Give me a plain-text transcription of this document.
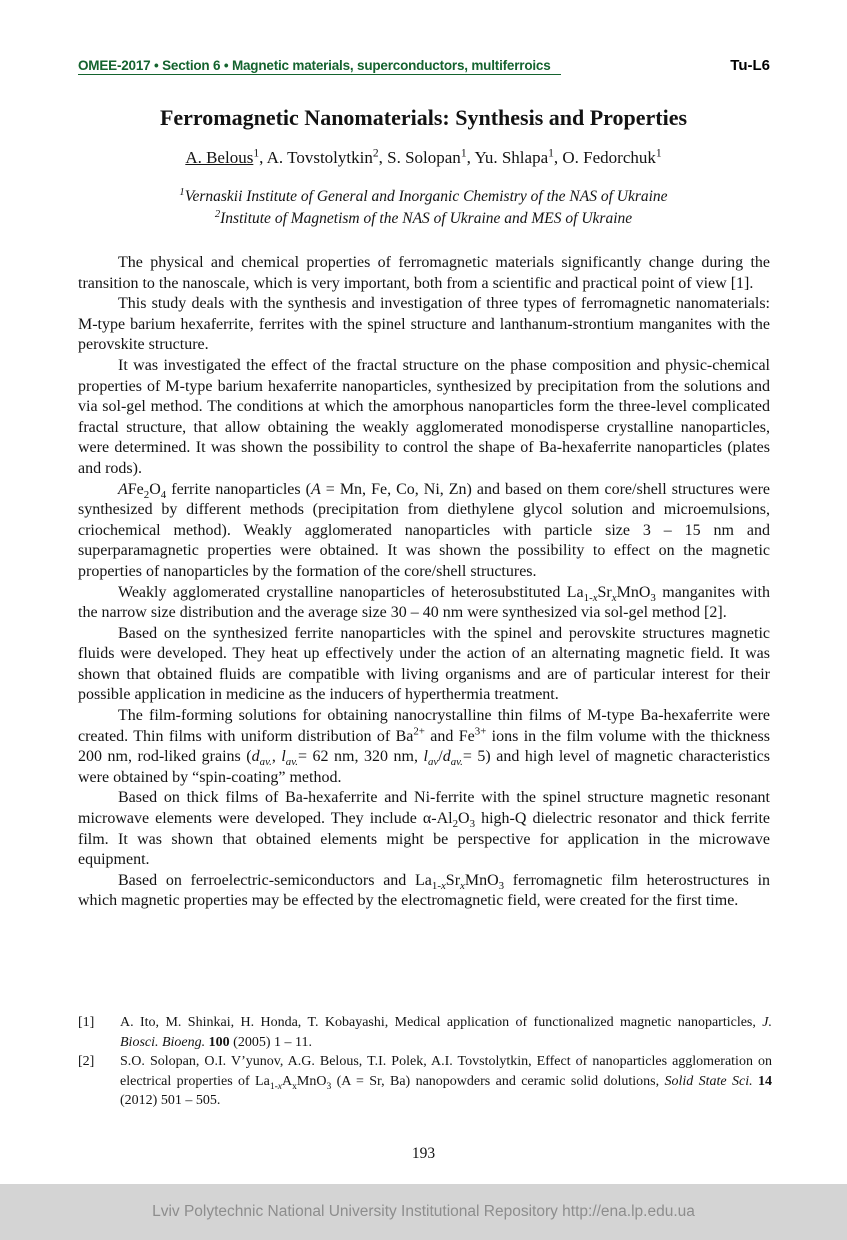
OMEE-2017 • Section 6 • Magnetic materials, superconductors, multiferroics	Tu-L6
Ferromagnetic Nanomaterials: Synthesis and Properties

A. Belous$^1$, A. Tovstolytkin$^2$, S. Solopan$^1$, Yu. Shlapa$^1$, O. Fedorchuk$^1$

$^1$Vernaskii Institute of General and Inorganic Chemistry of the NAS of Ukraine
$^2$Institute of Magnetism of the NAS of Ukraine and MES of Ukraine

The physical and chemical properties of ferromagnetic materials significantly change during the transition to the nanoscale, which is very important, both from a scientific and practical point of view [1].

This study deals with the synthesis and investigation of three types of ferromagnetic nanomaterials: M-type barium hexaferrite, ferrites with the spinel structure and lanthanum-strontium manganites with the perovskite structure.

It was investigated the effect of the fractal structure on the phase composition and physic-chemical properties of M-type barium hexaferrite nanoparticles, synthesized by precipitation from the solutions and via sol-gel method. The conditions at which the amorphous nanoparticles form the three-level complicated fractal structure, that allow obtaining the weakly agglomerated monodisperse crystalline nanoparticles, were determined. It was shown the possibility to control the shape of Ba-hexaferrite nanoparticles (plates and rods).

$AFe_2O_4$ ferrite nanoparticles (A = Mn, Fe, Co, Ni, Zn) and based on them core/shell structures were synthesized by different methods (precipitation from diethylene glycol solution and microemulsions, criochemical method). Weakly agglomerated nanoparticles with particle size 3 – 15 nm and superparamagnetic properties were obtained. It was shown the possibility to effect on the magnetic properties of nanoparticles by the formation of the core/shell structures.

Weakly agglomerated crystalline nanoparticles of heterosubstituted $La_{1-x}Sr_xMnO_3$ manganites with the narrow size distribution and the average size 30 – 40 nm were synthesized via sol-gel method [2].

Based on the synthesized ferrite nanoparticles with the spinel and perovskite structures magnetic fluids were developed. They heat up effectively under the action of an alternating magnetic field. It was shown that obtained fluids are compatible with living organisms and are of particular interest for their possible application in medicine as the inducers of hyperthermia treatment.

The film-forming solutions for obtaining nanocrystalline thin films of M-type Ba-hexaferrite were created. Thin films with uniform distribution of $Ba^{2+}$ and $Fe^{3+}$ ions in the film volume with the thickness 200 nm, rod-liked grains ($d_{av.}$, $l_{av.}= 62$ nm, 320 nm, $l_{av}/d_{av.}= 5$) and high level of magnetic characteristics were obtained by “spin-coating” method.

Based on thick films of Ba-hexaferrite and Ni-ferrite with the spinel structure magnetic resonant microwave elements were developed. They include $\alpha-Al_2O_3$ high-Q dielectric resonator and thick ferrite film. It was shown that obtained elements might be perspective for application in the microwave equipment.

Based on ferroelectric-semiconductors and $La_{1-x}Sr_xMnO_3$ ferromagnetic film heterostructures in which magnetic properties may be effected by the electromagnetic field, were created for the first time.

[1]	A. Ito, M. Shinkai, H. Honda, T. Kobayashi, Medical application of functionalized magnetic nanoparticles, J. Biosci. Bioeng. 100 (2005) 1 – 11.
[2]	S.O. Solopan, O.I. V’yunov, A.G. Belous, T.I. Polek, A.I. Tovstolytkin, Effect of nanoparticles agglomeration on electrical properties of $La_{1-x}A_xMnO_3$ (A = Sr, Ba) nanopowders and ceramic solid dolutions, Solid State Sci. 14 (2012) 501 – 505.

193

Lviv Polytechnic National University Institutional Repository http://ena.lp.edu.ua
